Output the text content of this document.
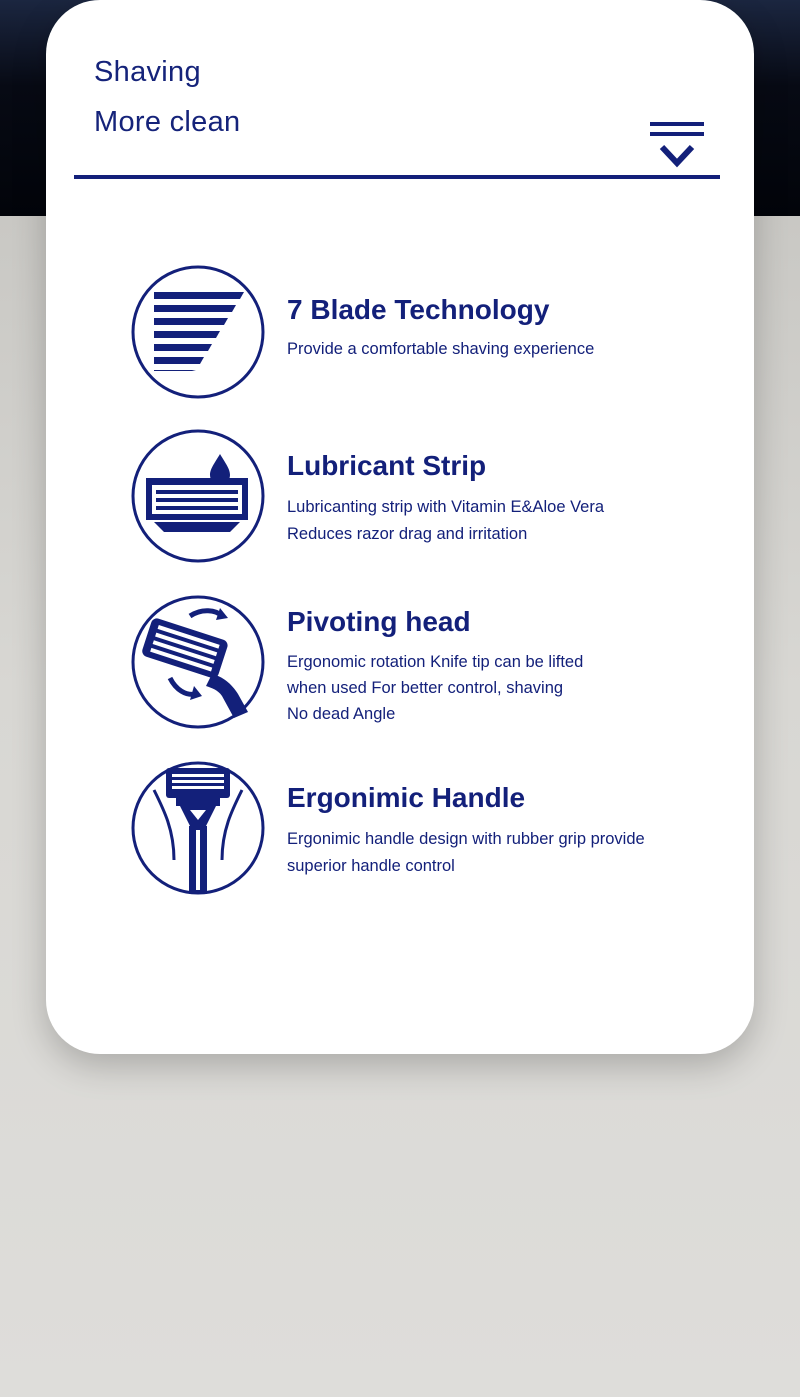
Shaving
More clean
7 Blade Technology
Provide a comfortable shaving experience
Lubricant Strip
Lubricanting strip with Vitamin E&Aloe Vera
Reduces razor drag and irritation
Pivoting head
Ergonomic rotation Knife tip can be lifted
when used For better control, shaving
No dead Angle
Ergonimic Handle
Ergonimic handle design with rubber grip provide
superior handle control
